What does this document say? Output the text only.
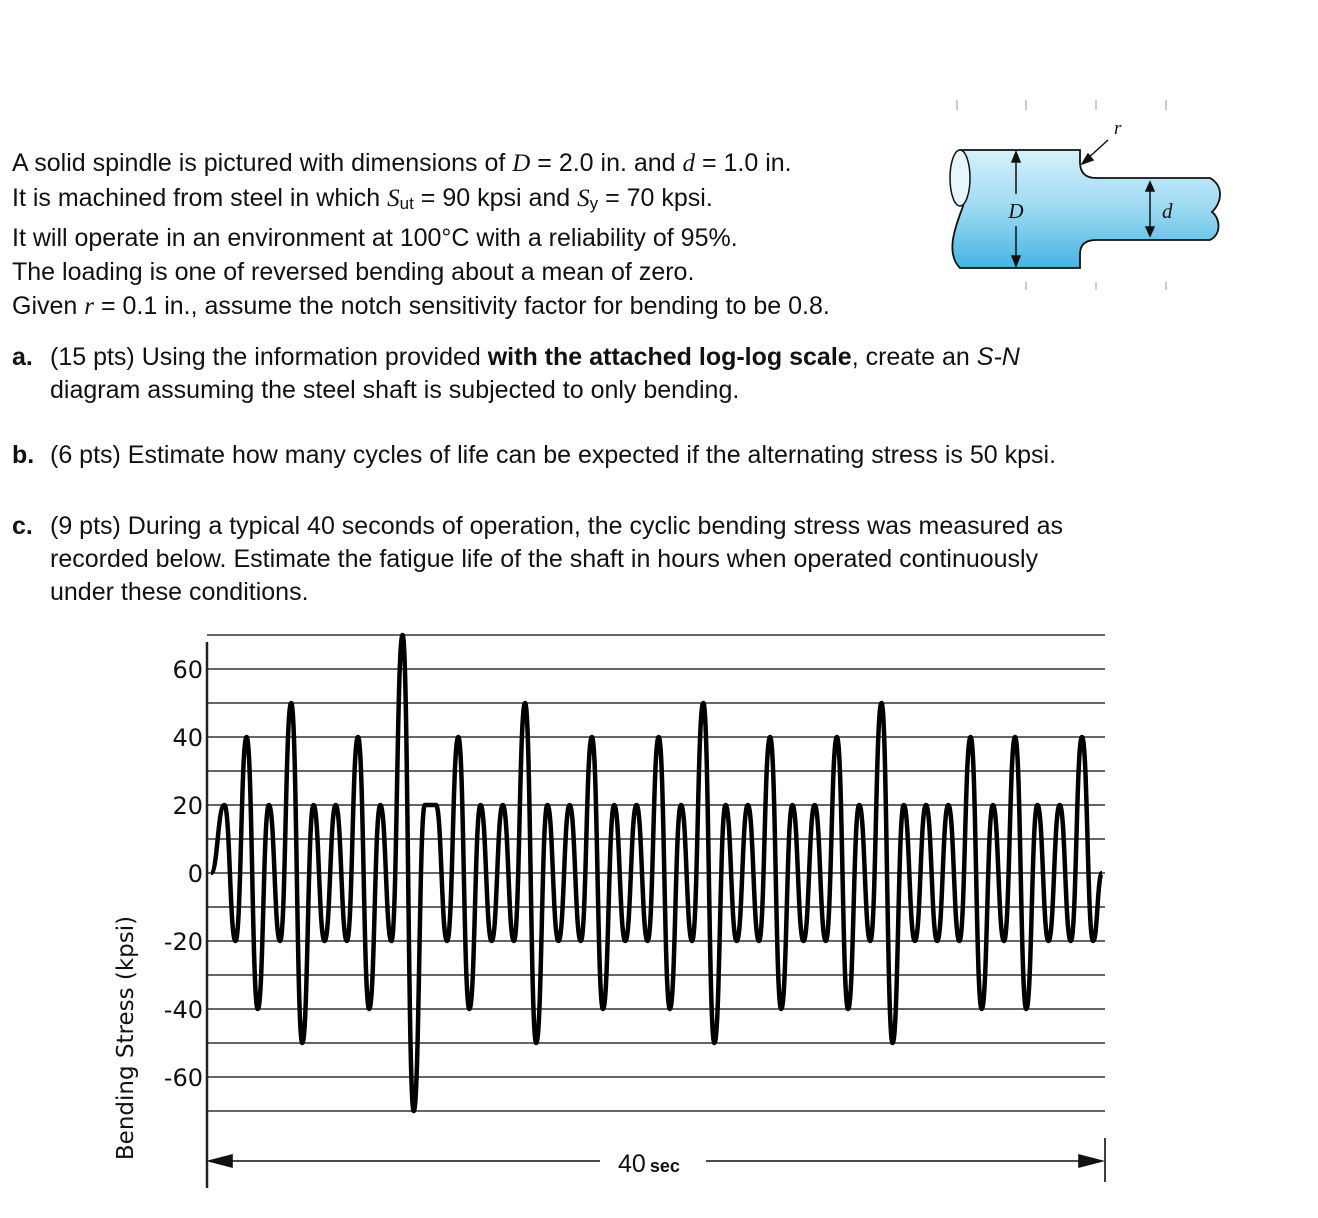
A solid spindle is pictured with dimensions of D = 2.0 in. and d = 1.0 in.
It is machined from steel in which Sut = 90 kpsi and Sy = 70 kpsi.
It will operate in an environment at 100°C with a reliability of 95%.
The loading is one of reversed bending about a mean of zero.
Given r = 0.1 in., assume the notch sensitivity factor for bending to be 0.8.
D	d
r
a. (15 pts) Using the information provided with the attached log-log scale, create an S-N
diagram assuming the steel shaft is subjected to only bending.
b. (6 pts) Estimate how many cycles of life can be expected if the alternating stress is 50 kpsi.
c. (9 pts) During a typical 40 seconds of operation, the cyclic bending stress was measured as
recorded below. Estimate the fatigue life of the shaft in hours when operated continuously
under these conditions.
60
40
20
0
-20
-40
-60
Bending Stress (kpsi)
40 sec
